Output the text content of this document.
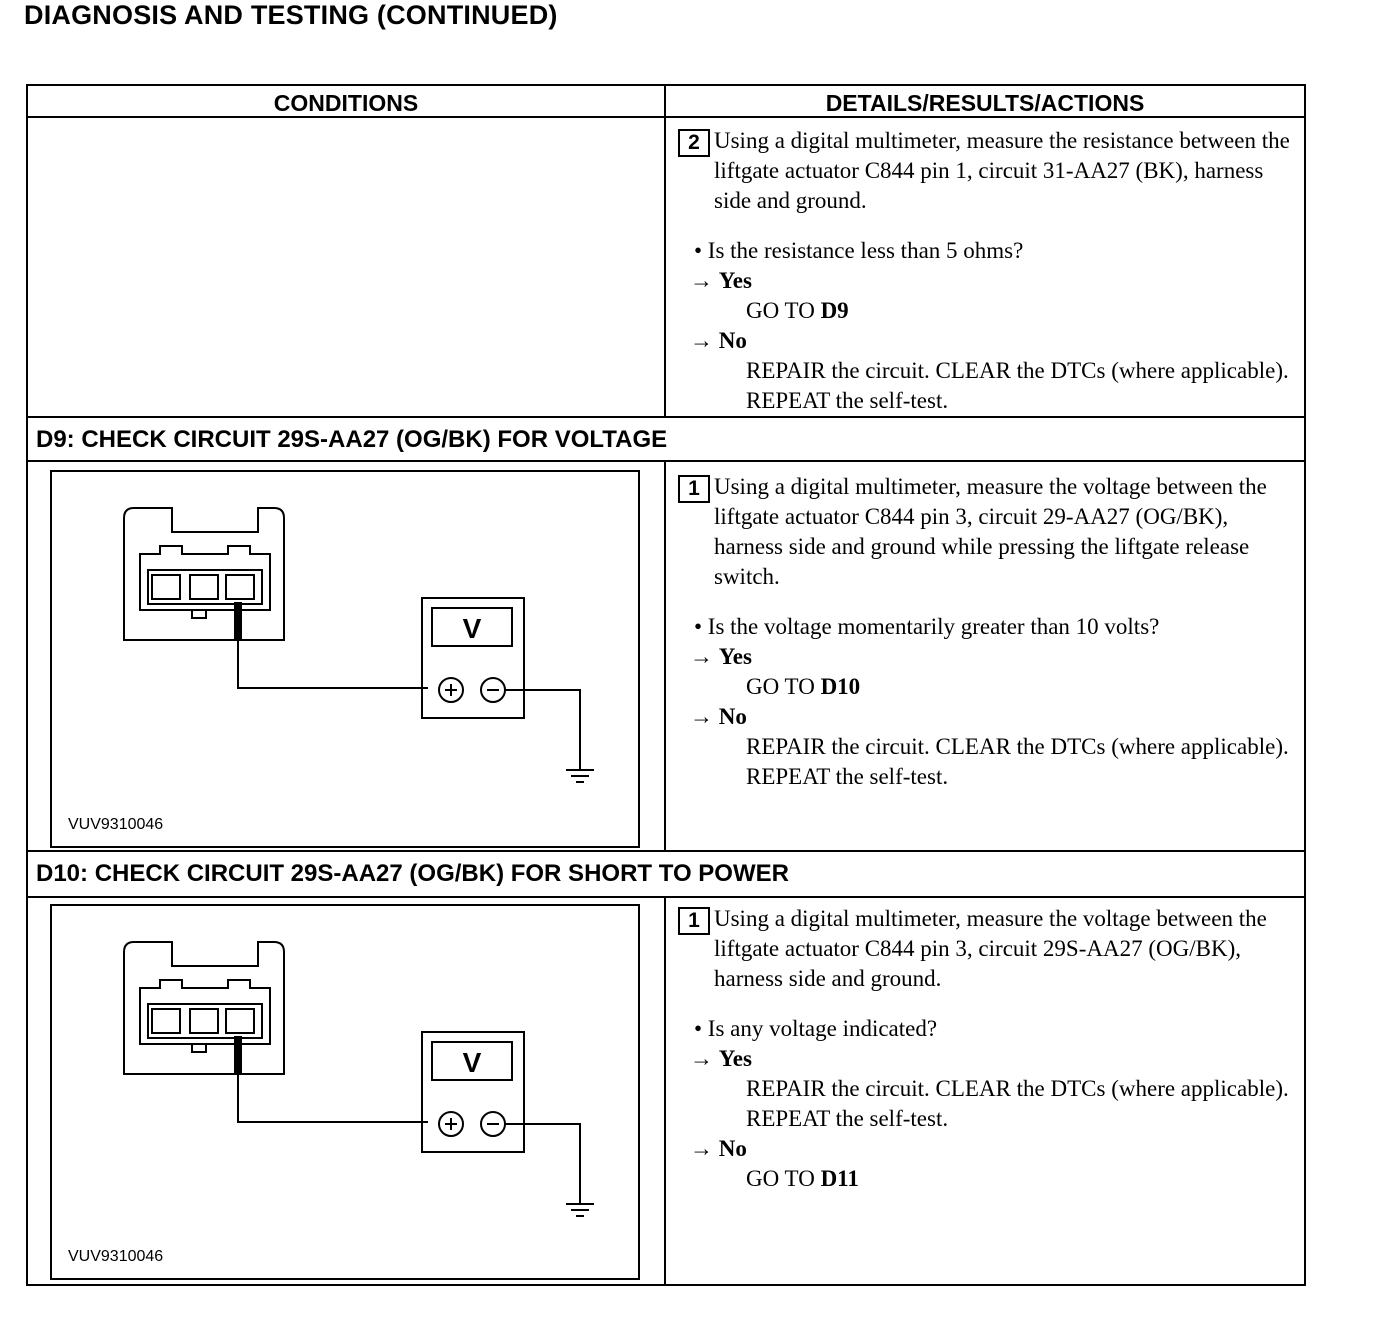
DIAGNOSIS AND TESTING (CONTINUED)
CONDITIONS	DETAILS/RESULTS/ACTIONS
2 Using a digital multimeter, measure the resistance between the liftgate actuator C844 pin 1, circuit 31-AA27 (BK), harness side and ground.
• Is the resistance less than 5 ohms?
→ Yes
GO TO D9
→ No
REPAIR the circuit. CLEAR the DTCs (where applicable). REPEAT the self-test.
D9: CHECK CIRCUIT 29S-AA27 (OG/BK) FOR VOLTAGE
V
VUV9310046
1 Using a digital multimeter, measure the voltage between the liftgate actuator C844 pin 3, circuit 29-AA27 (OG/BK), harness side and ground while pressing the liftgate release switch.
• Is the voltage momentarily greater than 10 volts?
→ Yes
GO TO D10
→ No
REPAIR the circuit. CLEAR the DTCs (where applicable). REPEAT the self-test.
D10: CHECK CIRCUIT 29S-AA27 (OG/BK) FOR SHORT TO POWER
V
VUV9310046
1 Using a digital multimeter, measure the voltage between the liftgate actuator C844 pin 3, circuit 29S-AA27 (OG/BK), harness side and ground.
• Is any voltage indicated?
→ Yes
REPAIR the circuit. CLEAR the DTCs (where applicable). REPEAT the self-test.
→ No
GO TO D11
